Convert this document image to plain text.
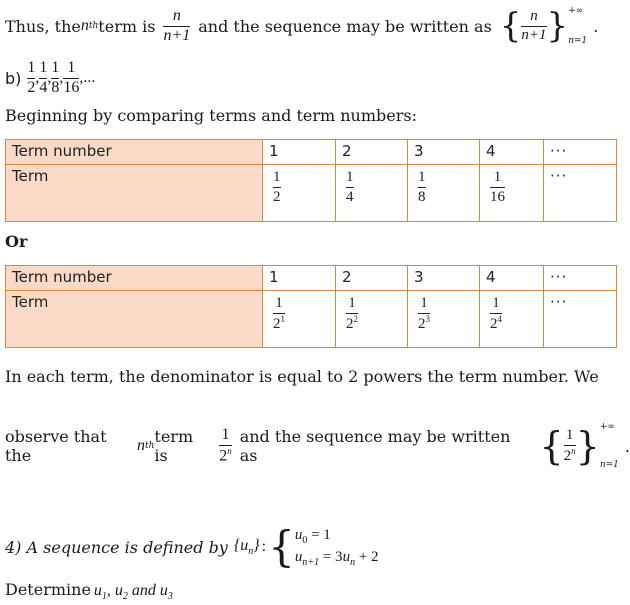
Thus, the n th term is $\frac{n}{n+1}$ and the sequence may be written as { $\frac{n}{n+1}$ } +∞
n=1
.
$b) \frac{1}{2}$ , $\frac{1}{4}$ , $\frac{1}{8}$ , $\frac{1}{16}$ ,...
Beginning by comparing terms and term numbers:
Term number	1	2	3	4	···
Term	$\frac{1}{2}$	$\frac{1}{4}$	$\frac{1}{8}$	$\frac{1}{16}$	···
Or
Term number	1	2	3	4	···
Term	$\frac{1}{2^1}$	$\frac{1}{2^2}$	$\frac{1}{2^3}$	$\frac{1}{2^4}$	···
In each term, the denominator is equal to 2 powers the term number. We
observe that the
n th term is	$\frac{1}{2^n}$ and the sequence may be written as	{ $\frac{1}{2^n}$ } +∞
n=1
.
4) A sequence is defined by $\{u_n\}$ : { $u_0 = 1$
$u_{n+1} = 3u_n + 2$
Determine $u_1$, $u_2$ and $u_3$
